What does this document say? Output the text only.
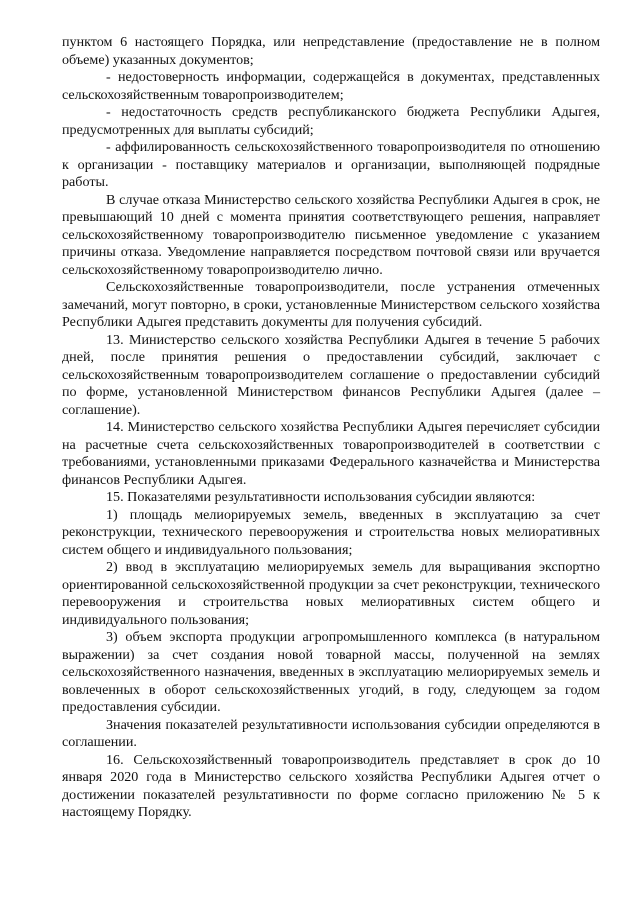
пунктом 6 настоящего Порядка, или непредставление (предоставление не в полном объеме) указанных документов;

- недостоверность информации, содержащейся в документах, представленных сельскохозяйственным товаропроизводителем;

- недостаточность средств республиканского бюджета Республики Адыгея, предусмотренных для выплаты субсидий;

- аффилированность сельскохозяйственного товаропроизводителя по отношению к организации - поставщику материалов и организации, выполняющей подрядные работы.

В случае отказа Министерство сельского хозяйства Республики Адыгея в срок, не превышающий 10 дней с момента принятия соответствующего решения, направляет сельскохозяйственному товаропроизводителю письменное уведомление с указанием причины отказа. Уведомление направляется посредством почтовой связи или вручается сельскохозяйственному товаропроизводителю лично.

Сельскохозяйственные товаропроизводители, после устранения отмеченных замечаний, могут повторно, в сроки, установленные Министерством сельского хозяйства Республики Адыгея представить документы для получения субсидий.

13. Министерство сельского хозяйства Республики Адыгея в течение 5 рабочих дней, после принятия решения о предоставлении субсидий, заключает с сельскохозяйственным товаропроизводителем соглашение о предоставлении субсидий по форме, установленной Министерством финансов Республики Адыгея (далее – соглашение).

14. Министерство сельского хозяйства Республики Адыгея перечисляет субсидии на расчетные счета сельскохозяйственных товаропроизводителей в соответствии с требованиями, установленными приказами Федерального казначейства и Министерства финансов Республики Адыгея.

15. Показателями результативности использования субсидии являются:

1) площадь мелиорируемых земель, введенных в эксплуатацию за счет реконструкции, технического перевооружения и строительства новых мелиоративных систем общего и индивидуального пользования;

2) ввод в эксплуатацию мелиорируемых земель для выращивания экспортно ориентированной сельскохозяйственной продукции за счет реконструкции, технического перевооружения и строительства новых мелиоративных систем общего и индивидуального пользования;

3) объем экспорта продукции агропромышленного комплекса (в натуральном выражении) за счет создания новой товарной массы, полученной на землях сельскохозяйственного назначения, введенных в эксплуатацию мелиорируемых земель и вовлеченных в оборот сельскохозяйственных угодий, в году, следующем за годом предоставления субсидии.

Значения показателей результативности использования субсидии определяются в соглашении.

16. Сельскохозяйственный товаропроизводитель представляет в срок до 10 января 2020 года в Министерство сельского хозяйства Республики Адыгея отчет о достижении показателей результативности по форме согласно приложению № 5 к настоящему Порядку.
